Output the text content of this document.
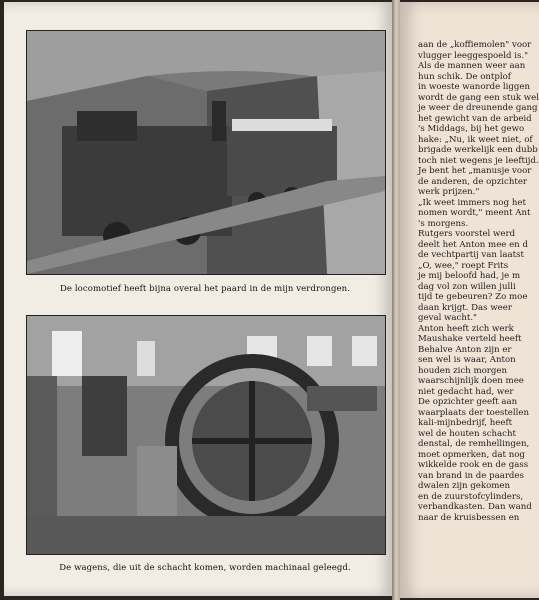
De locomotief heeft bijna overal het paard in de mijn verdrongen.
De wagens, die uit de schacht komen, worden machinaal geleegd.
aan de „koffiemolen" voor
vlugger leeggespoeld is."
Als de mannen weer aan
hun schik. De ontplof
in woeste wanorde liggen
wordt de gang een stuk wel
je weer de dreunende gang
het gewicht van de arbeid
's Middags, bij het gewo
hake: „Nu, ik weet niet, of
brigade werkelijk een dubb
toch niet wegens je leeftijd.
Je bent het „manusje voor
de anderen, de opzichter
werk prijzen."
„Ik weet immers nog het
nomen wordt," meent Ant
's morgens.
Rutgers voorstel werd
deelt het Anton mee en d
de vechtpartij van laatst
„O, wee," roept Frits
je mij beloofd had, je m
dag vol zon willen julli
tijd te gebeuren? Zo moe
daan krijgt. Das weer
geval wacht."
Anton heeft zich werk
Maushake verteld heeft
Behalve Anton zijn er
sen wel is waar, Anton
houden zich morgen
waarschijnlijk doen mee
niet gedacht had, wer
De opzichter geeft aan
waarplaats der toestellen
kali-mijnbedrijf, heeft
wel de houten schacht
denstal, de remhellingen,
moet opmerken, dat nog
wikkelde rook en de gass
van brand in de paardes
dwalen zijn gekomen
en de zuurstofcylinders,
verbandkasten. Dan wand
naar de kruisbessen en
